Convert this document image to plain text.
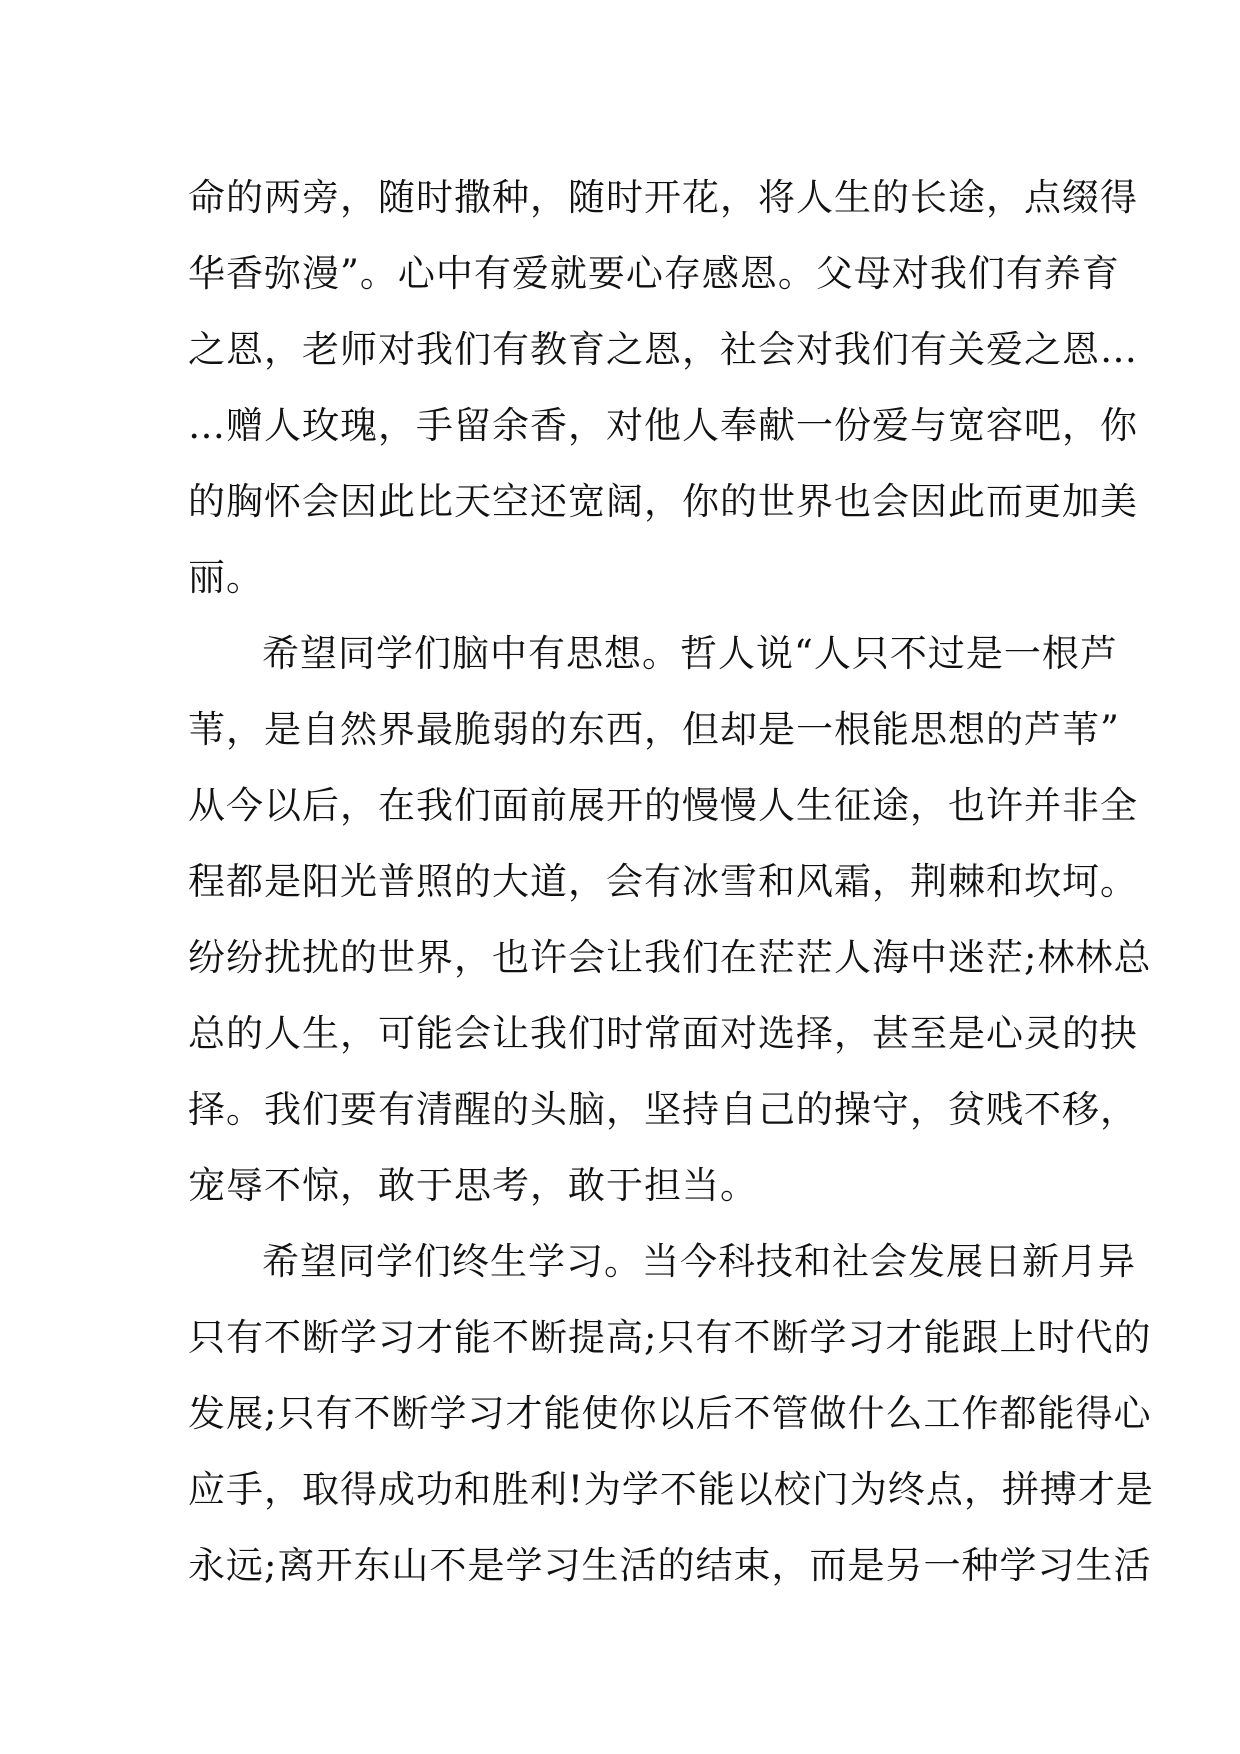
命的两旁，随时撒种，随时开花，将人生的长途，点缀得
华香弥漫”。心中有爱就要心存感恩。父母对我们有养育
之恩，老师对我们有教育之恩，社会对我们有关爱之恩…
…赠人玫瑰，手留余香，对他人奉献一份爱与宽容吧，你
的胸怀会因此比天空还宽阔，你的世界也会因此而更加美
丽。
希望同学们脑中有思想。哲人说“人只不过是一根芦
苇，是自然界最脆弱的东西，但却是一根能思想的芦苇”
从今以后，在我们面前展开的慢慢人生征途，也许并非全
程都是阳光普照的大道，会有冰雪和风霜，荆棘和坎坷。
纷纷扰扰的世界，也许会让我们在茫茫人海中迷茫;林林总
总的人生，可能会让我们时常面对选择，甚至是心灵的抉
择。我们要有清醒的头脑，坚持自己的操守，贫贱不移，
宠辱不惊，敢于思考，敢于担当。
希望同学们终生学习。当今科技和社会发展日新月异
只有不断学习才能不断提高;只有不断学习才能跟上时代的
发展;只有不断学习才能使你以后不管做什么工作都能得心
应手，取得成功和胜利!为学不能以校门为终点，拼搏才是
永远;离开东山不是学习生活的结束，而是另一种学习生活
